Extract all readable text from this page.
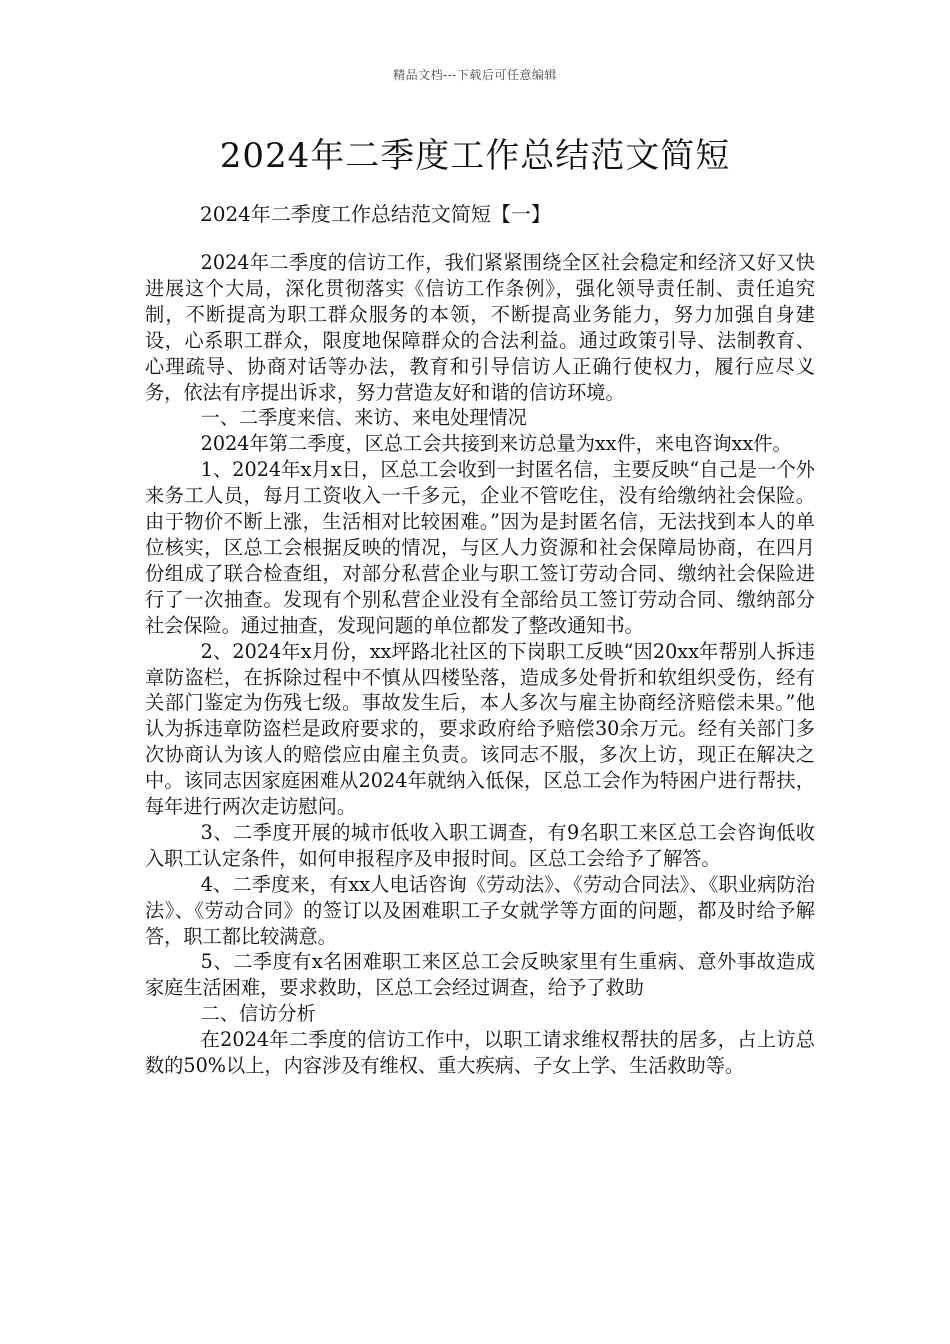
精品文档---下载后可任意编辑
2024年二季度工作总结范文简短
2024年二季度工作总结范文简短【一】

2024年二季度的信访工作，我们紧紧围绕全区社会稳定和经济又好又快进展这个大局，深化贯彻落实《信访工作条例》，强化领导责任制、责任追究制，不断提高为职工群众服务的本领，不断提高业务能力，努力加强自身建设，心系职工群众，限度地保障群众的合法利益。通过政策引导、法制教育、心理疏导、协商对话等办法，教育和引导信访人正确行使权力，履行应尽义务，依法有序提出诉求，努力营造友好和谐的信访环境。

一、二季度来信、来访、来电处理情况

2024年第二季度，区总工会共接到来访总量为xx件，来电咨询xx件。

1、2024年x月x日，区总工会收到一封匿名信，主要反映“自己是一个外来务工人员，每月工资收入一千多元，企业不管吃住，没有给缴纳社会保险。由于物价不断上涨，生活相对比较困难。”因为是封匿名信，无法找到本人的单位核实，区总工会根据反映的情况，与区人力资源和社会保障局协商，在四月份组成了联合检查组，对部分私营企业与职工签订劳动合同、缴纳社会保险进行了一次抽查。发现有个别私营企业没有全部给员工签订劳动合同、缴纳部分社会保险。通过抽查，发现问题的单位都发了整改通知书。

2、2024年x月份，xx坪路北社区的下岗职工反映“因20xx年帮别人拆违章防盗栏，在拆除过程中不慎从四楼坠落，造成多处骨折和软组织受伤，经有关部门鉴定为伤残七级。事故发生后，本人多次与雇主协商经济赔偿未果。”他认为拆违章防盗栏是政府要求的，要求政府给予赔偿30余万元。经有关部门多次协商认为该人的赔偿应由雇主负责。该同志不服，多次上访，现正在解决之中。该同志因家庭困难从2024年就纳入低保，区总工会作为特困户进行帮扶，每年进行两次走访慰问。

3、二季度开展的城市低收入职工调查，有9名职工来区总工会咨询低收入职工认定条件，如何申报程序及申报时间。区总工会给予了解答。

4、二季度来，有xx人电话咨询《劳动法》、《劳动合同法》、《职业病防治法》、《劳动合同》的签订以及困难职工子女就学等方面的问题，都及时给予解答，职工都比较满意。

5、二季度有x名困难职工来区总工会反映家里有生重病、意外事故造成家庭生活困难，要求救助，区总工会经过调查，给予了救助

二、信访分析

在2024年二季度的信访工作中，以职工请求维权帮扶的居多，占上访总数的50%以上，内容涉及有维权、重大疾病、子女上学、生活救助等。
